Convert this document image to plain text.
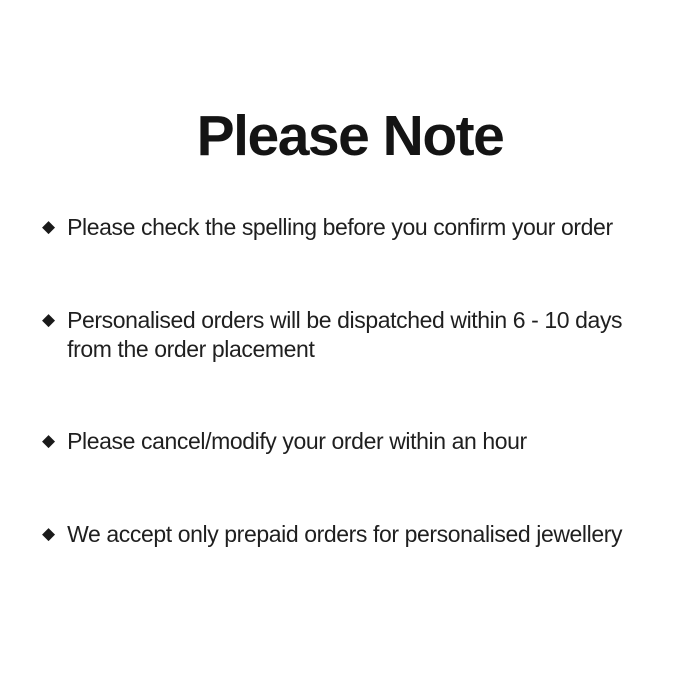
Please Note
◆ Please check the spelling before you confirm your order
◆ Personalised orders will be dispatched within 6 - 10 days
from the order placement
◆ Please cancel/modify your order within an hour
◆ We accept only prepaid orders for personalised jewellery
